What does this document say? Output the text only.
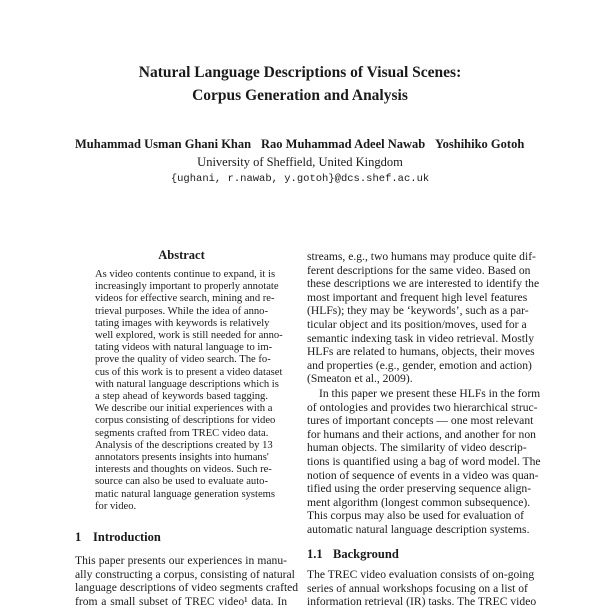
Natural Language Descriptions of Visual Scenes:
Corpus Generation and Analysis
Muhammad Usman Ghani Khan Rao Muhammad Adeel Nawab Yoshihiko Gotoh
University of Sheffield, United Kingdom
{ughani, r.nawab, y.gotoh}@dcs.shef.ac.uk
Abstract
As video contents continue to expand, it is
increasingly important to properly annotate
videos for effective search, mining and re-
trieval purposes. While the idea of anno-
tating images with keywords is relatively
well explored, work is still needed for anno-
tating videos with natural language to im-
prove the quality of video search. The fo-
cus of this work is to present a video dataset
with natural language descriptions which is
a step ahead of keywords based tagging.
We describe our initial experiences with a
corpus consisting of descriptions for video
segments crafted from TREC video data.
Analysis of the descriptions created by 13
annotators presents insights into humans'
interests and thoughts on videos. Such re-
source can also be used to evaluate auto-
matic natural language generation systems
for video.
1 Introduction
This paper presents our experiences in manu-
ally constructing a corpus, consisting of natural
language descriptions of video segments crafted
from a small subset of TREC video¹ data. In
streams, e.g., two humans may produce quite dif-
ferent descriptions for the same video. Based on
these descriptions we are interested to identify the
most important and frequent high level features
(HLFs); they may be ‘keywords’, such as a par-
ticular object and its position/moves, used for a
semantic indexing task in video retrieval. Mostly
HLFs are related to humans, objects, their moves
and properties (e.g., gender, emotion and action)
(Smeaton et al., 2009).
In this paper we present these HLFs in the form
of ontologies and provides two hierarchical struc-
tures of important concepts — one most relevant
for humans and their actions, and another for non
human objects. The similarity of video descrip-
tions is quantified using a bag of word model. The
notion of sequence of events in a video was quan-
tified using the order preserving sequence align-
ment algorithm (longest common subsequence).
This corpus may also be used for evaluation of
automatic natural language description systems.
The TREC video evaluation consists of on-going
series of annual workshops focusing on a list of
information retrieval (IR) tasks. The TREC video
1.1 Background
